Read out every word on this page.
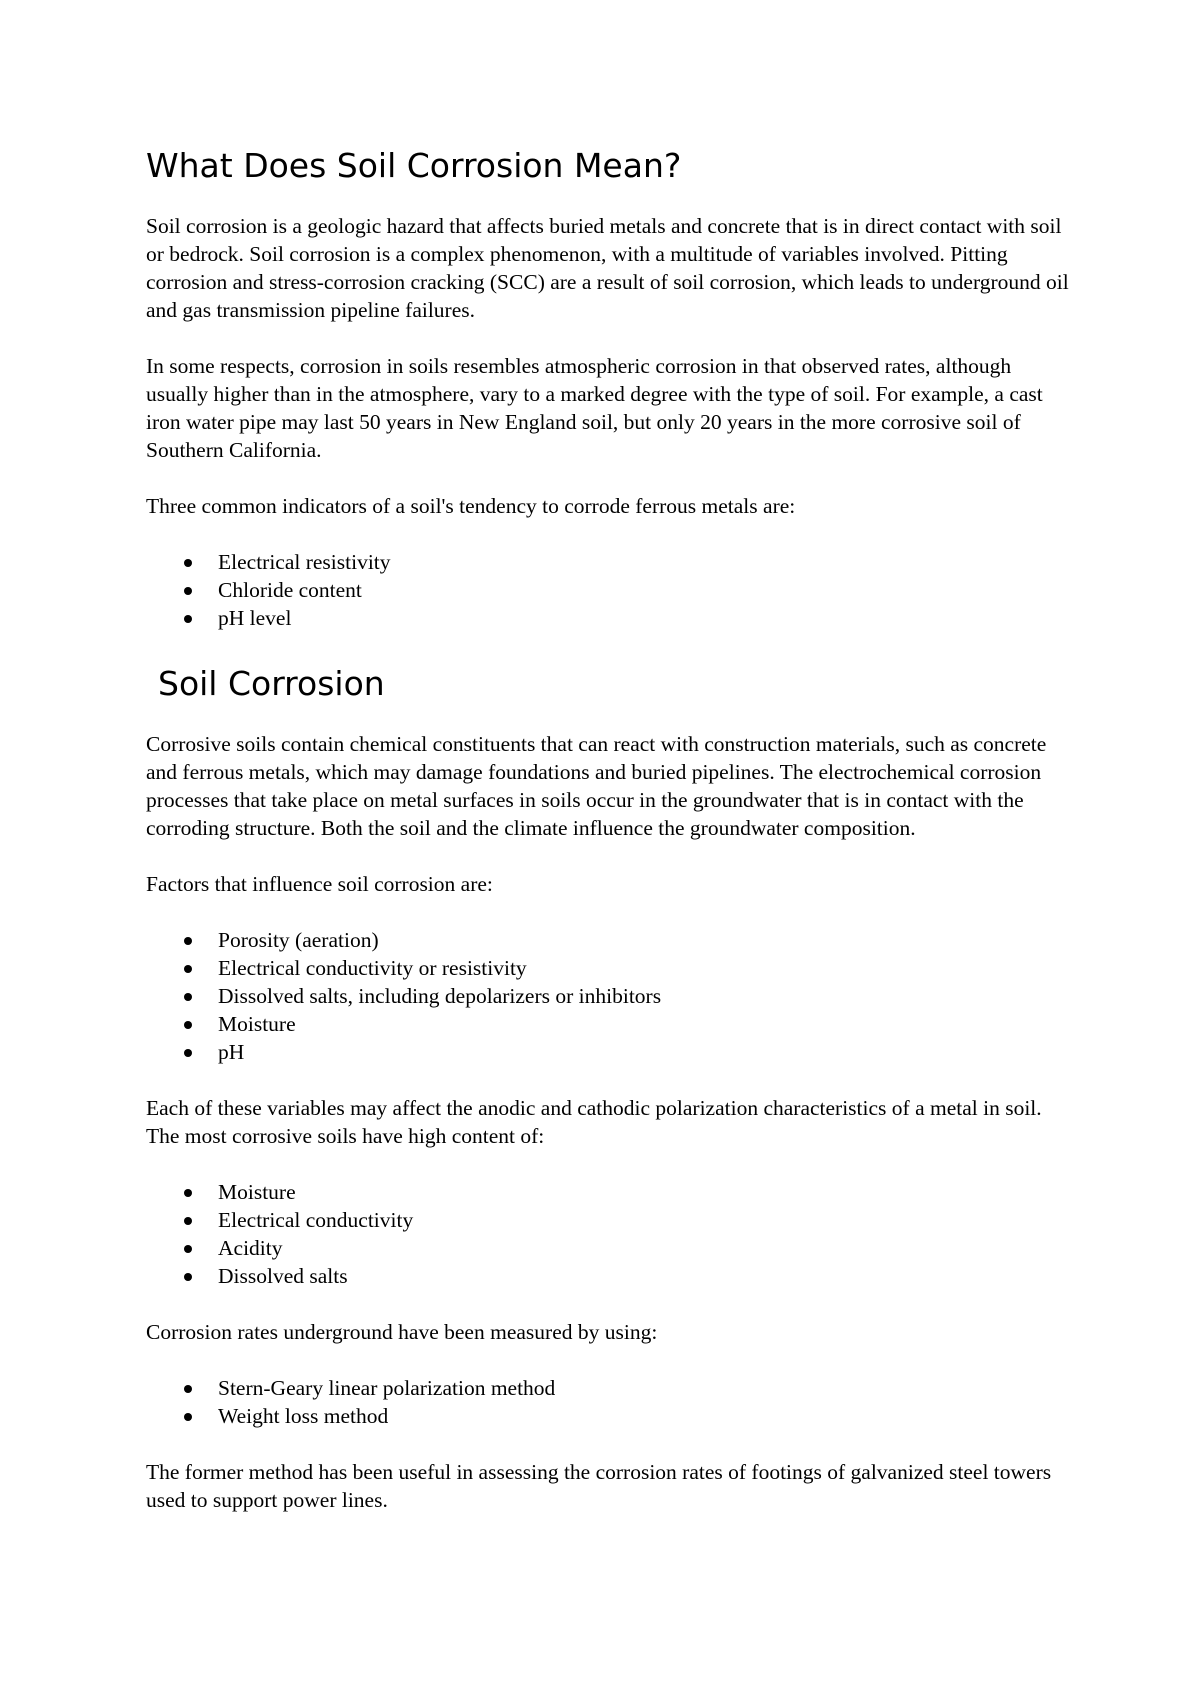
What Does Soil Corrosion Mean?

Soil corrosion is a geologic hazard that affects buried metals and concrete that is in direct contact with soil or bedrock. Soil corrosion is a complex phenomenon, with a multitude of variables involved. Pitting corrosion and stress-corrosion cracking (SCC) are a result of soil corrosion, which leads to underground oil and gas transmission pipeline failures.

In some respects, corrosion in soils resembles atmospheric corrosion in that observed rates, although usually higher than in the atmosphere, vary to a marked degree with the type of soil. For example, a cast iron water pipe may last 50 years in New England soil, but only 20 years in the more corrosive soil of Southern California.

Three common indicators of a soil's tendency to corrode ferrous metals are:

Electrical resistivity
Chloride content
pH level
Soil Corrosion

Corrosive soils contain chemical constituents that can react with construction materials, such as concrete and ferrous metals, which may damage foundations and buried pipelines. The electrochemical corrosion processes that take place on metal surfaces in soils occur in the groundwater that is in contact with the corroding structure. Both the soil and the climate influence the groundwater composition.

Factors that influence soil corrosion are:

Porosity (aeration)
Electrical conductivity or resistivity
Dissolved salts, including depolarizers or inhibitors
Moisture
pH

Each of these variables may affect the anodic and cathodic polarization characteristics of a metal in soil. The most corrosive soils have high content of:

Moisture
Electrical conductivity
Acidity
Dissolved salts

Corrosion rates underground have been measured by using:

Stern-Geary linear polarization method
Weight loss method

The former method has been useful in assessing the corrosion rates of footings of galvanized steel towers used to support power lines.
